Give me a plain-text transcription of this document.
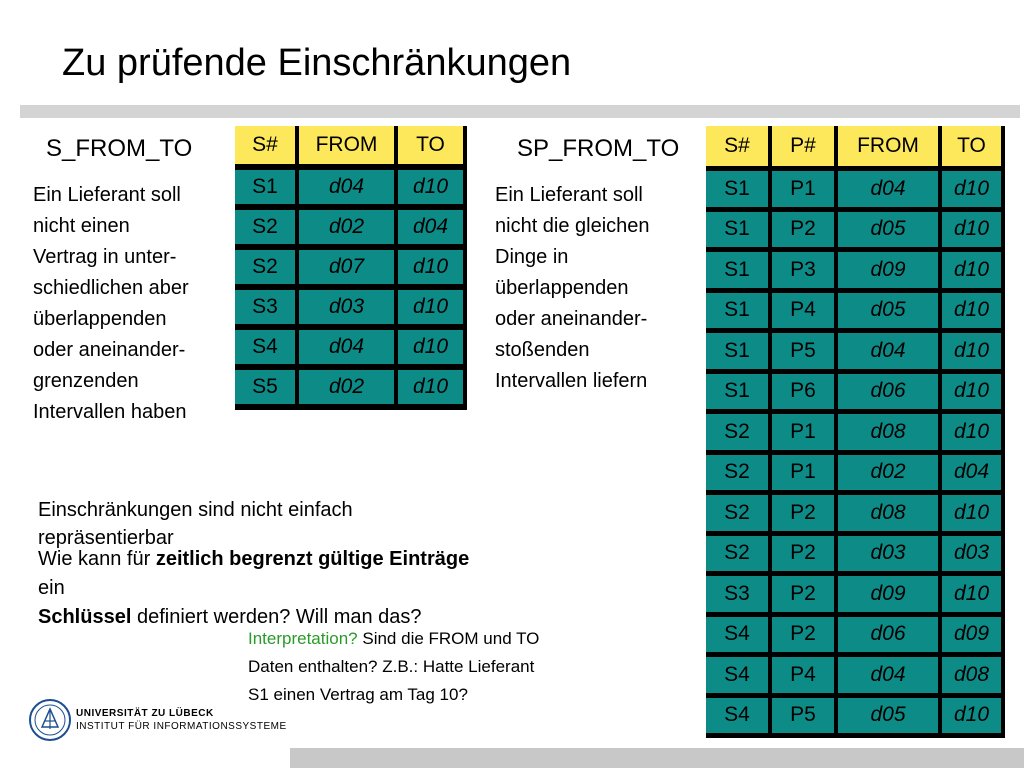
Zu prüfende Einschränkungen
S_FROM_TO	S#	FROM	TO
S1	d04	d10
S2	d02	d04
S2	d07	d10
S3	d03	d10
S4	d04	d10
S5	d02	d10
Ein Lieferant soll
nicht einen
Vertrag in unter-
schiedlichen aber
überlappenden
oder aneinander-
grenzenden
Intervallen haben
SP_FROM_TO
Ein Lieferant soll
nicht die gleichen
Dinge in
überlappenden
oder aneinander-
stoßenden
Intervallen liefern
S#	P#	FROM	TO
S1	P1	d04	d10
S1	P2	d05	d10
S1	P3	d09	d10
S1	P4	d05	d10
S1	P5	d04	d10
S1	P6	d06	d10
S2	P1	d08	d10
S2	P1	d02	d04
S2	P2	d08	d10
S2	P2	d03	d03
S3	P2	d09	d10
S4	P2	d06	d09
S4	P4	d04	d08
S4	P5	d05	d10
Einschränkungen sind nicht einfach
repräsentierbar
Wie kann für zeitlich begrenzt gültige Einträge
ein
Schlüssel definiert werden? Will man das?
Interpretation? Sind die FROM und TO
Daten enthalten? Z.B.: Hatte Lieferant
S1 einen Vertrag am Tag 10?
UNIVERSITÄT ZU LÜBECK
INSTITUT FÜR INFORMATIONSSYSTEME
